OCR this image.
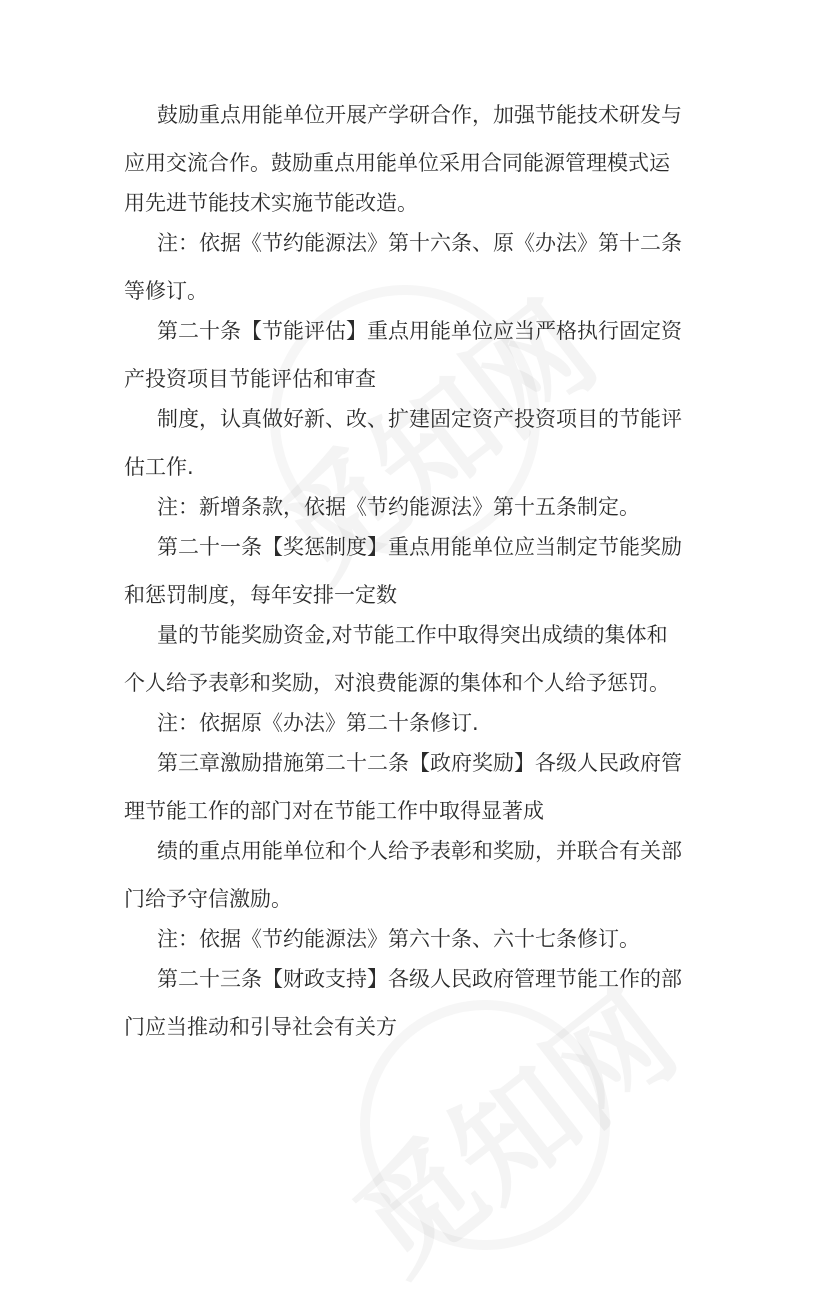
鼓励重点用能单位开展产学研合作，加强节能技术研发与
应用交流合作。鼓励重点用能单位采用合同能源管理模式运
用先进节能技术实施节能改造。
注：依据《节约能源法》第十六条、原《办法》第十二条
等修订。
第二十条【节能评估】重点用能单位应当严格执行固定资
产投资项目节能评估和审查
制度，认真做好新、改、扩建固定资产投资项目的节能评
估工作.
注：新增条款，依据《节约能源法》第十五条制定。
第二十一条【奖惩制度】重点用能单位应当制定节能奖励
和惩罚制度，每年安排一定数
量的节能奖励资金,对节能工作中取得突出成绩的集体和
个人给予表彰和奖励，对浪费能源的集体和个人给予惩罚。
注：依据原《办法》第二十条修订.
第三章激励措施第二十二条【政府奖励】各级人民政府管
理节能工作的部门对在节能工作中取得显著成
绩的重点用能单位和个人给予表彰和奖励，并联合有关部
门给予守信激励。
注：依据《节约能源法》第六十条、六十七条修订。
第二十三条【财政支持】各级人民政府管理节能工作的部
门应当推动和引导社会有关方
